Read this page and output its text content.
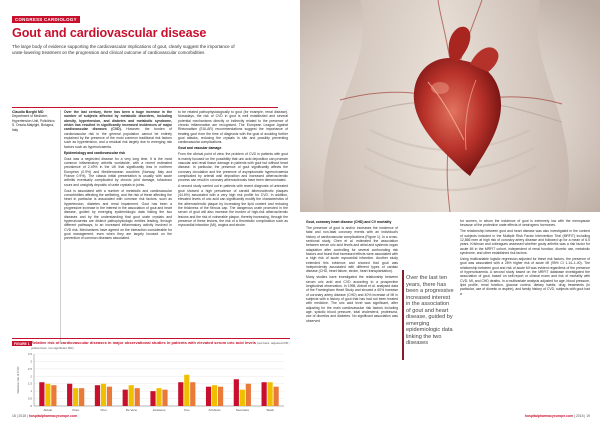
CONGRESS CARDIOLOGY
Gout and cardiovascular disease
The large body of evidence supporting the cardiovascular implications of gout, clearly suggest the importance of urate-lowering treatment on the progression and clinical outcome of cardiovascular comorbidities
Claudio Borghi MD
Department of Medicine, Hypertension Unit, Policlinico S. Orsola-Malpighi, Bologna, Italy

Over the last century, there has been a huge increase in the number of subjects affected by metabolic disorders, including obesity, hypertension, and diabetes and metabolic syndrome, which has resulted in significantly increased incidences of major cardiovascular diseases (CVD). However, the burden of cardiovascular risk in the general population cannot be entirely explained by the presence of the most common traditional risk factors such as hypertension, and a residual risk largely due to emerging risk factors such as hyperuricaemia.

Epidemiology and cardiovascular risk

Gout was a neglected disease for a very long time. It is the most common inflammatory arthritis worldwide, with a recent estimated prevalence of 2.49% in the UK that significantly less in northern European (0.9%) and Mediterranean countries (Norway, Italy and France 0.9%). The classic initial presentation is usually with acute arthritis eventually complicated by chronic joint damage, tofaceous sours and unsightly deposits of urate crystals in joints.

Gout is associated with a number of metabolic and cardiovascular comorbidities affecting the wellbeing, and the risk of these affecting the heart in particular is associated with common risk factors, such as hypertension, diabetes and renal impairment. Gout has been a progressive increase in the interest in the association of gout and heart disease, guided by emerging epidemiologic data linking the two diseases and by the understanding that gout urate crystals and hyperuricaemia are distinct pathophysiologic entities leading, through different pathways, to an increased inflammatory activity involved in CVD risk. Mechanisms have agreed on the interaction considerable for gout management, even when they are largely focused on the prevention of common diseases associated.

to be related pathophysiologically to gout (for example, renal disease). Nowadays, the risk of CVD in gout is well established and several potential mechanisms directly or indirectly related to the presence of chronic inflammation are recognised. The European League Against Rheumatism (EULAR) recommendations suggest the importance of treating gout from the time of diagnosis with the goal of avoiding further gout attacks, reducing the crystals in situ and possibly preventing cardiovascular complications.

Gout and vascular damage

From the clinical point of view, the problem of CVD in patients with gout is mainly focused on the possibility that uric acid deposition can promote vascular and renal tissue damage in patients with gout but without heart disease. In particular, the presence of gout significantly affects the coronary circulation and the presence of asymptomatic hyperuricaemia complicated by arterial wall deposition and increased atherosclerotic process can result in coronary atherosclerosis have been demonstrated.

A second study carried out in patients with recent diagnosis of untreated gout showed a high prevalence of carotid atherosclerotic plaques (44.6%) associated with a very high risk profile for CVD. In addition, elevated levels of uric acid can significantly modify the characteristics of the atherosclerotic plaque by increasing the lipid content and reducing the thickness of the fibrous cap. The dangerous urate promoted in the serum of gout will also increase the burden of high-risk atherosclerotic lesions and the risk of vulnerable plaque, thereby increasing, through the presence of these lesions, the risk of a thrombotic complication such as myocardial infarction (MI), angina and stroke.

FIGURE 1 Relative risk of cardiovascular diseases in major observational studies in patients with elevated serum uric acid levels (red bars: adjusted RR; yellow bars: not significant RR)
0
0.5
1
1.5
2
2.5
3
3.5
Relative risk of CVD
Abbott	Chen	Choi	De Vera	Janssens	Kuo	Krishnan	Seminara	Stack
18 | 2018 | hospitalpharmacyeurope.com

Gout, coronary heart disease (CHD) and CV mortality

The presence of gout is and/or increases the incidence of fatal and non-fatal coronary events with an individual's history of cardiovascular complications (Figure 1). In a cross-sectional study, Chen et al. estimated the association between serum uric acid levels and atrial and systemic organ adaptation after controlling for several confounding risk factors and found that increased effects were associated with a high risk of acute myocardial infarction. Another study extended this evidence and showed that gout was independently associated with different types of cardiac disease (CHD, heart failure, stroke, heart transplantation).

Many studies have investigated the relationship between serum uric acid and CVD according to a prospective longitudinal observation. In 1998, Abbott et al. analysed data of the Framingham Heart Study and showed a 60% increase of coronary artery disease (CHD) and 40% increase of MI in subjects with a history of gout that has had not been treated with medicine. The uric acid level was significant, after adjusting for the main cardiovascular risk factors including age, systolic blood pressure, total cholesterol, proteinuria, use of diuretics and diabetes. No significant association was observed

Over the last ten years, there has been a progressive increased interest in the association of gout and heart disease, guided by emerging epidemiologic data linking the two diseases

for women, in whom the incidence of gout is extremely low with the menopause because of the protective urate effects of oestrogens hormones.

The relationship between gout and heart disease was also investigated in the context of subjects included in the Multiple Risk Factor Intervention Trial (MRFIT) including 12,866 men at high risk of coronary artery disease and followed up for a mean of 6.5 years. Krishnan and colleagues assessed whether gouty arthritis was a risk factor for acute MI in the MRFIT cohort, independent of renal function, diuretic use, metabolic syndrome, and other established risk factors.

Using multivariable logistic regression adjusted for these risk factors, the presence of gout was associated with a 26% higher risk of acute MI (95% CI 1.14–1.40). The relationship between gout and risk of acute MI was evident regardless of the presence of hyperuricaemia. A second study based on the MRFIT database investigated the association of gout, based on self-report or clinical exam and risk of mortality with CVD, MI, and CHD deaths. In a multivariate analysis adjusted for age, blood pressure, lipid profile, renal function, glucose control, dietary habits, drug treatments (in particular, use of diuretic or aspirin), and family history of CVD, subjects with gout had a

hospitalpharmacyeurope.com | 2018 | 19
